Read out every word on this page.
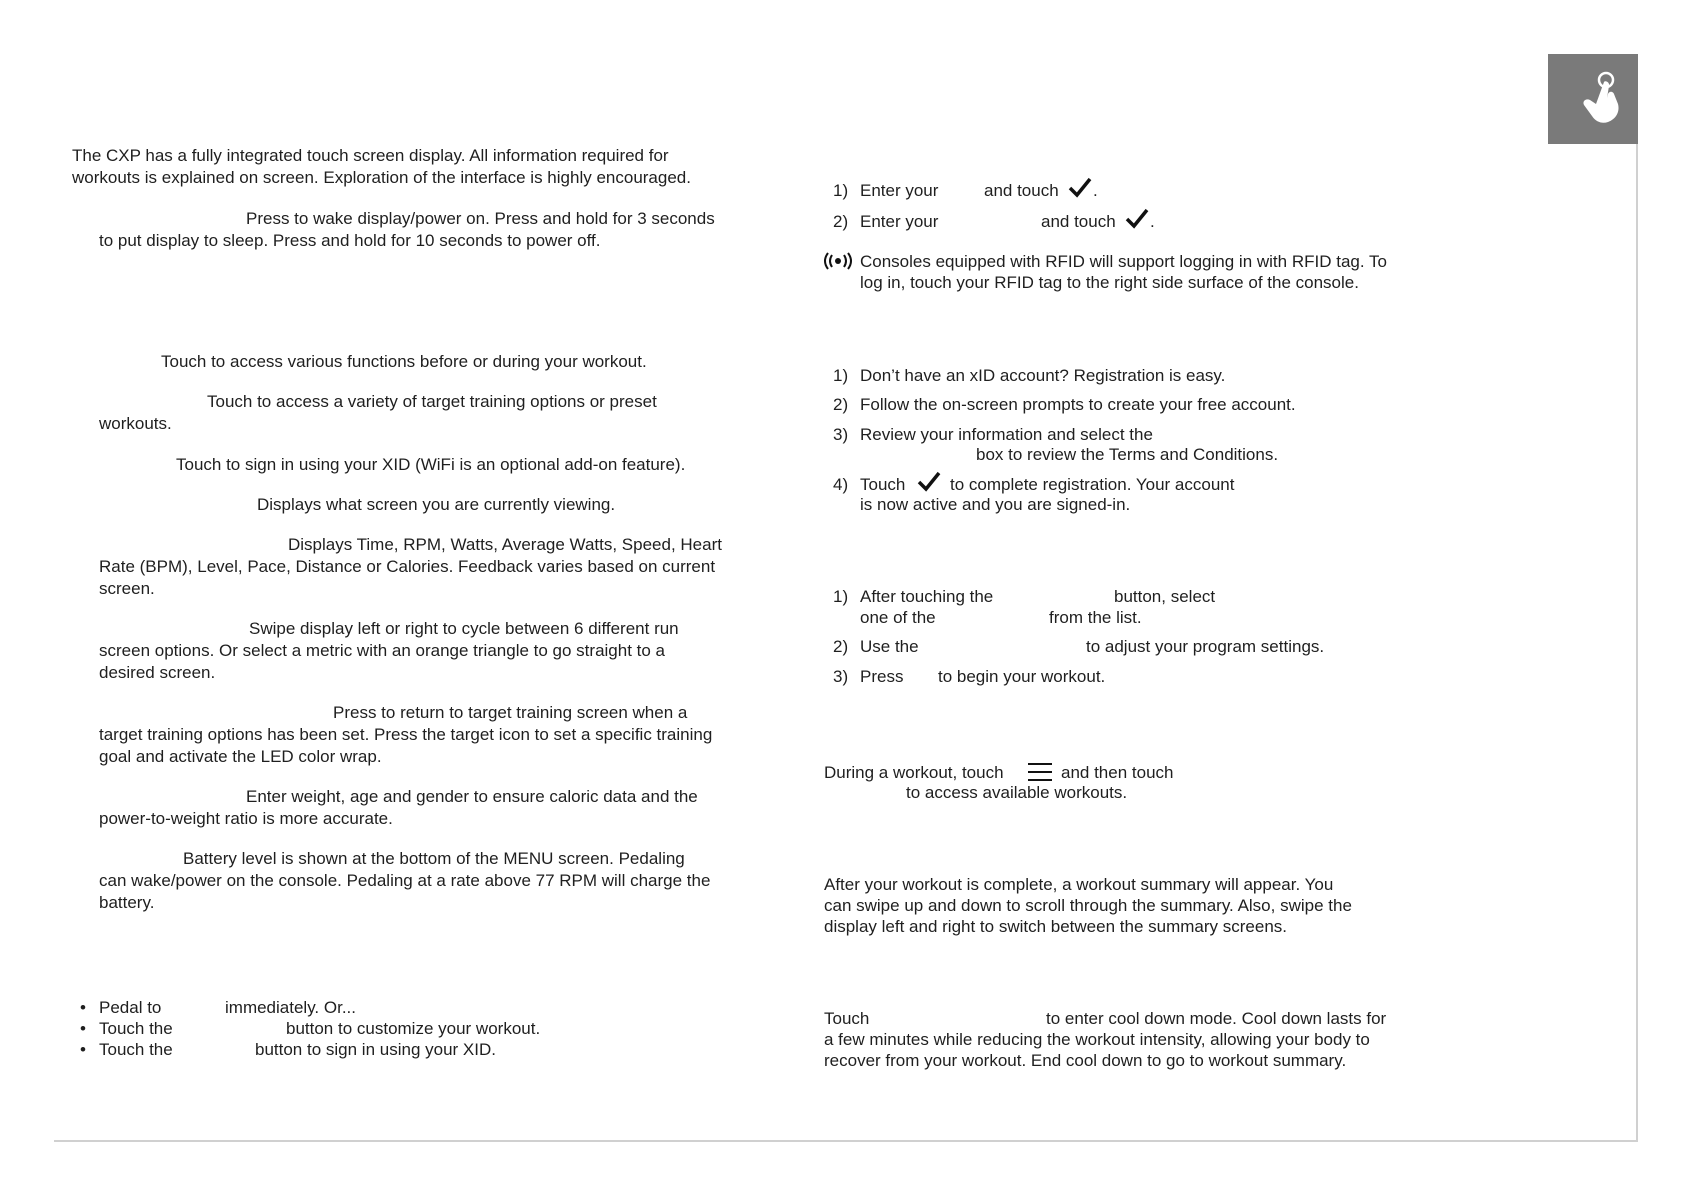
The CXP has a fully integrated touch screen display. All information required for
workouts is explained on screen. Exploration of the interface is highly encouraged.
Press to wake display/power on. Press and hold for 3 seconds
to put display to sleep. Press and hold for 10 seconds to power off.
Touch to access various functions before or during your workout.
Touch to access a variety of target training options or preset
workouts.
Touch to sign in using your XID (WiFi is an optional add-on feature).
Displays what screen you are currently viewing.
Displays Time, RPM, Watts, Average Watts, Speed, Heart
Rate (BPM), Level, Pace, Distance or Calories. Feedback varies based on current
screen.
Swipe display left or right to cycle between 6 different run
screen options. Or select a metric with an orange triangle to go straight to a
desired screen.
Press to return to target training screen when a
target training options has been set. Press the target icon to set a specific training
goal and activate the LED color wrap.
Enter weight, age and gender to ensure caloric data and the
power-to-weight ratio is more accurate.
Battery level is shown at the bottom of the MENU screen. Pedaling
can wake/power on the console. Pedaling at a rate above 77 RPM will charge the
battery.
• Pedal to	immediately. Or...
• Touch the	button to customize your workout.
• Touch the	button to sign in using your XID.
1) Enter your	and touch .
2) Enter your	and touch .
Consoles equipped with RFID will support logging in with RFID tag. To
log in, touch your RFID tag to the right side surface of the console.
1) Don’t have an xID account? Registration is easy.
2) Follow the on-screen prompts to create your free account.
3) Review your information and select the
box to review the Terms and Conditions.
4) Touch	to complete registration. Your account
is now active and you are signed-in.
1) After touching the	button, select
one of the	from the list.
2) Use the	to adjust your program settings.
3) Press to begin your workout.
During a workout, touch	and then touch
to access available workouts.
After your workout is complete, a workout summary will appear. You
can swipe up and down to scroll through the summary. Also, swipe the
display left and right to switch between the summary screens.
Touch	to enter cool down mode. Cool down lasts for
a few minutes while reducing the workout intensity, allowing your body to
recover from your workout. End cool down to go to workout summary.
